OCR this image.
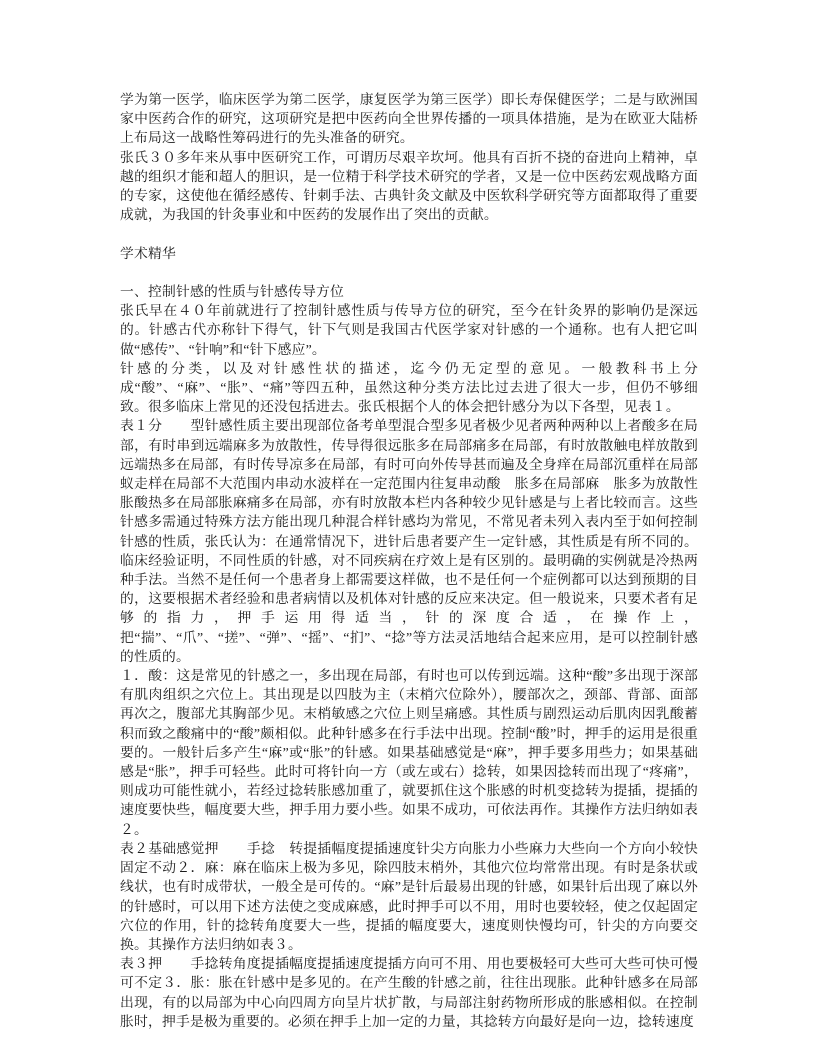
学为第一医学，临床医学为第二医学，康复医学为第三医学）即长寿保健医学；二是与欧洲国家中医药合作的研究，这项研究是把中医药向全世界传播的一项具体措施，是为在欧亚大陆桥上布局这一战略性筹码进行的先头准备的研究。

张氏３０多年来从事中医研究工作，可谓历尽艰辛坎坷。他具有百折不挠的奋进向上精神，卓越的组织才能和超人的胆识，是一位精于科学技术研究的学者，又是一位中医药宏观战略方面的专家，这使他在循经感传、针刺手法、古典针灸文献及中医软科学研究等方面都取得了重要成就，为我国的针灸事业和中医药的发展作出了突出的贡献。

学术精华
一、控制针感的性质与针感传导方位

张氏早在４０年前就进行了控制针感性质与传导方位的研究，至今在针灸界的影响仍是深远的。针感古代亦称针下得气，针下气则是我国古代医学家对针感的一个通称。也有人把它叫做“感传”、“针响”和“针下感应”。

针感的分类，以及对针感性状的描述，迄今仍无定型的意见。一般教科书上分成“酸”、“麻”、“胀”、“痛”等四五种，虽然这种分类方法比过去进了很大一步，但仍不够细致。很多临床上常见的还没包括进去。张氏根据个人的体会把针感分为以下各型，见表１。

表１分　　型针感性质主要出现部位备考单型混合型多见者极少见者两种两种以上者酸多在局部，有时串到远端麻多为放散性，传导得很远胀多在局部痛多在局部，有时放散触电样放散到远端热多在局部，有时传导凉多在局部，有时可向外传导甚而遍及全身痒在局部沉重样在局部蚁走样在局部不大范围内串动水波样在一定范围内往复串动酸　胀多在局部麻　胀多为放散性胀酸热多在局部胀麻痛多在局部，亦有时放散本栏内各种较少见针感是与上者比较而言。这些针感多需通过特殊方法方能出现几种混合样针感均为常见，不常见者未列入表内至于如何控制针感的性质，张氏认为：在通常情况下，进针后患者要产生一定针感，其性质是有所不同的。临床经验证明，不同性质的针感，对不同疾病在疗效上是有区别的。最明确的实例就是冷热两种手法。当然不是任何一个患者身上都需要这样做，也不是任何一个症例都可以达到预期的目的，这要根据术者经验和患者病情以及机体对针感的反应来决定。但一般说来，只要术者有足够的指力，押手运用得适当，针的深度合适，在操作上，把“揣”、“爪”、“搓”、“弹”、“摇”、“扪”、“捻”等方法灵活地结合起来应用，是可以控制针感的性质的。

１．酸：这是常见的针感之一，多出现在局部，有时也可以传到远端。这种“酸”多出现于深部有肌肉组织之穴位上。其出现是以四肢为主（末梢穴位除外），腰部次之，颈部、背部、面部再次之，腹部尤其胸部少见。末梢敏感之穴位上则呈痛感。其性质与剧烈运动后肌肉因乳酸蓄积而致之酸痛中的“酸”颇相似。此种针感多在行手法中出现。控制“酸”时，押手的运用是很重要的。一般针后多产生“麻”或“胀”的针感。如果基础感觉是“麻”，押手要多用些力；如果基础感是“胀”，押手可轻些。此时可将针向一方（或左或右）捻转，如果因捻转而出现了“疼痛”，则成功可能性就小，若经过捻转胀感加重了，就要抓住这个胀感的时机变捻转为提插，提插的速度要快些，幅度要大些，押手用力要小些。如果不成功，可依法再作。其操作方法归纳如表２。

表２基础感觉押　　手捻　转提插幅度提插速度针尖方向胀力小些麻力大些向一个方向小较快固定不动２．麻：麻在临床上极为多见，除四肢末梢外，其他穴位均常常出现。有时是条状或线状，也有时成带状，一般全是可传的。“麻”是针后最易出现的针感，如果针后出现了麻以外的针感时，可以用下述方法使之变成麻感，此时押手可以不用，用时也要较轻，使之仅起固定穴位的作用，针的捻转角度要大一些，提插的幅度要大，速度则快慢均可，针尖的方向要交换。其操作方法归纳如表３。

表３押　　手捻转角度提插幅度提插速度提插方向可不用、用也要极轻可大些可大些可快可慢可不定３．胀：胀在针感中是多见的。在产生酸的针感之前，往往出现胀。此种针感多在局部出现，有的以局部为中心向四周方向呈片状扩散，与局部注射药物所形成的胀感相似。在控制胀时，押手是极为重要的。必须在押手上加一定的力量，其捻转方向最好是向一边，捻转速度
